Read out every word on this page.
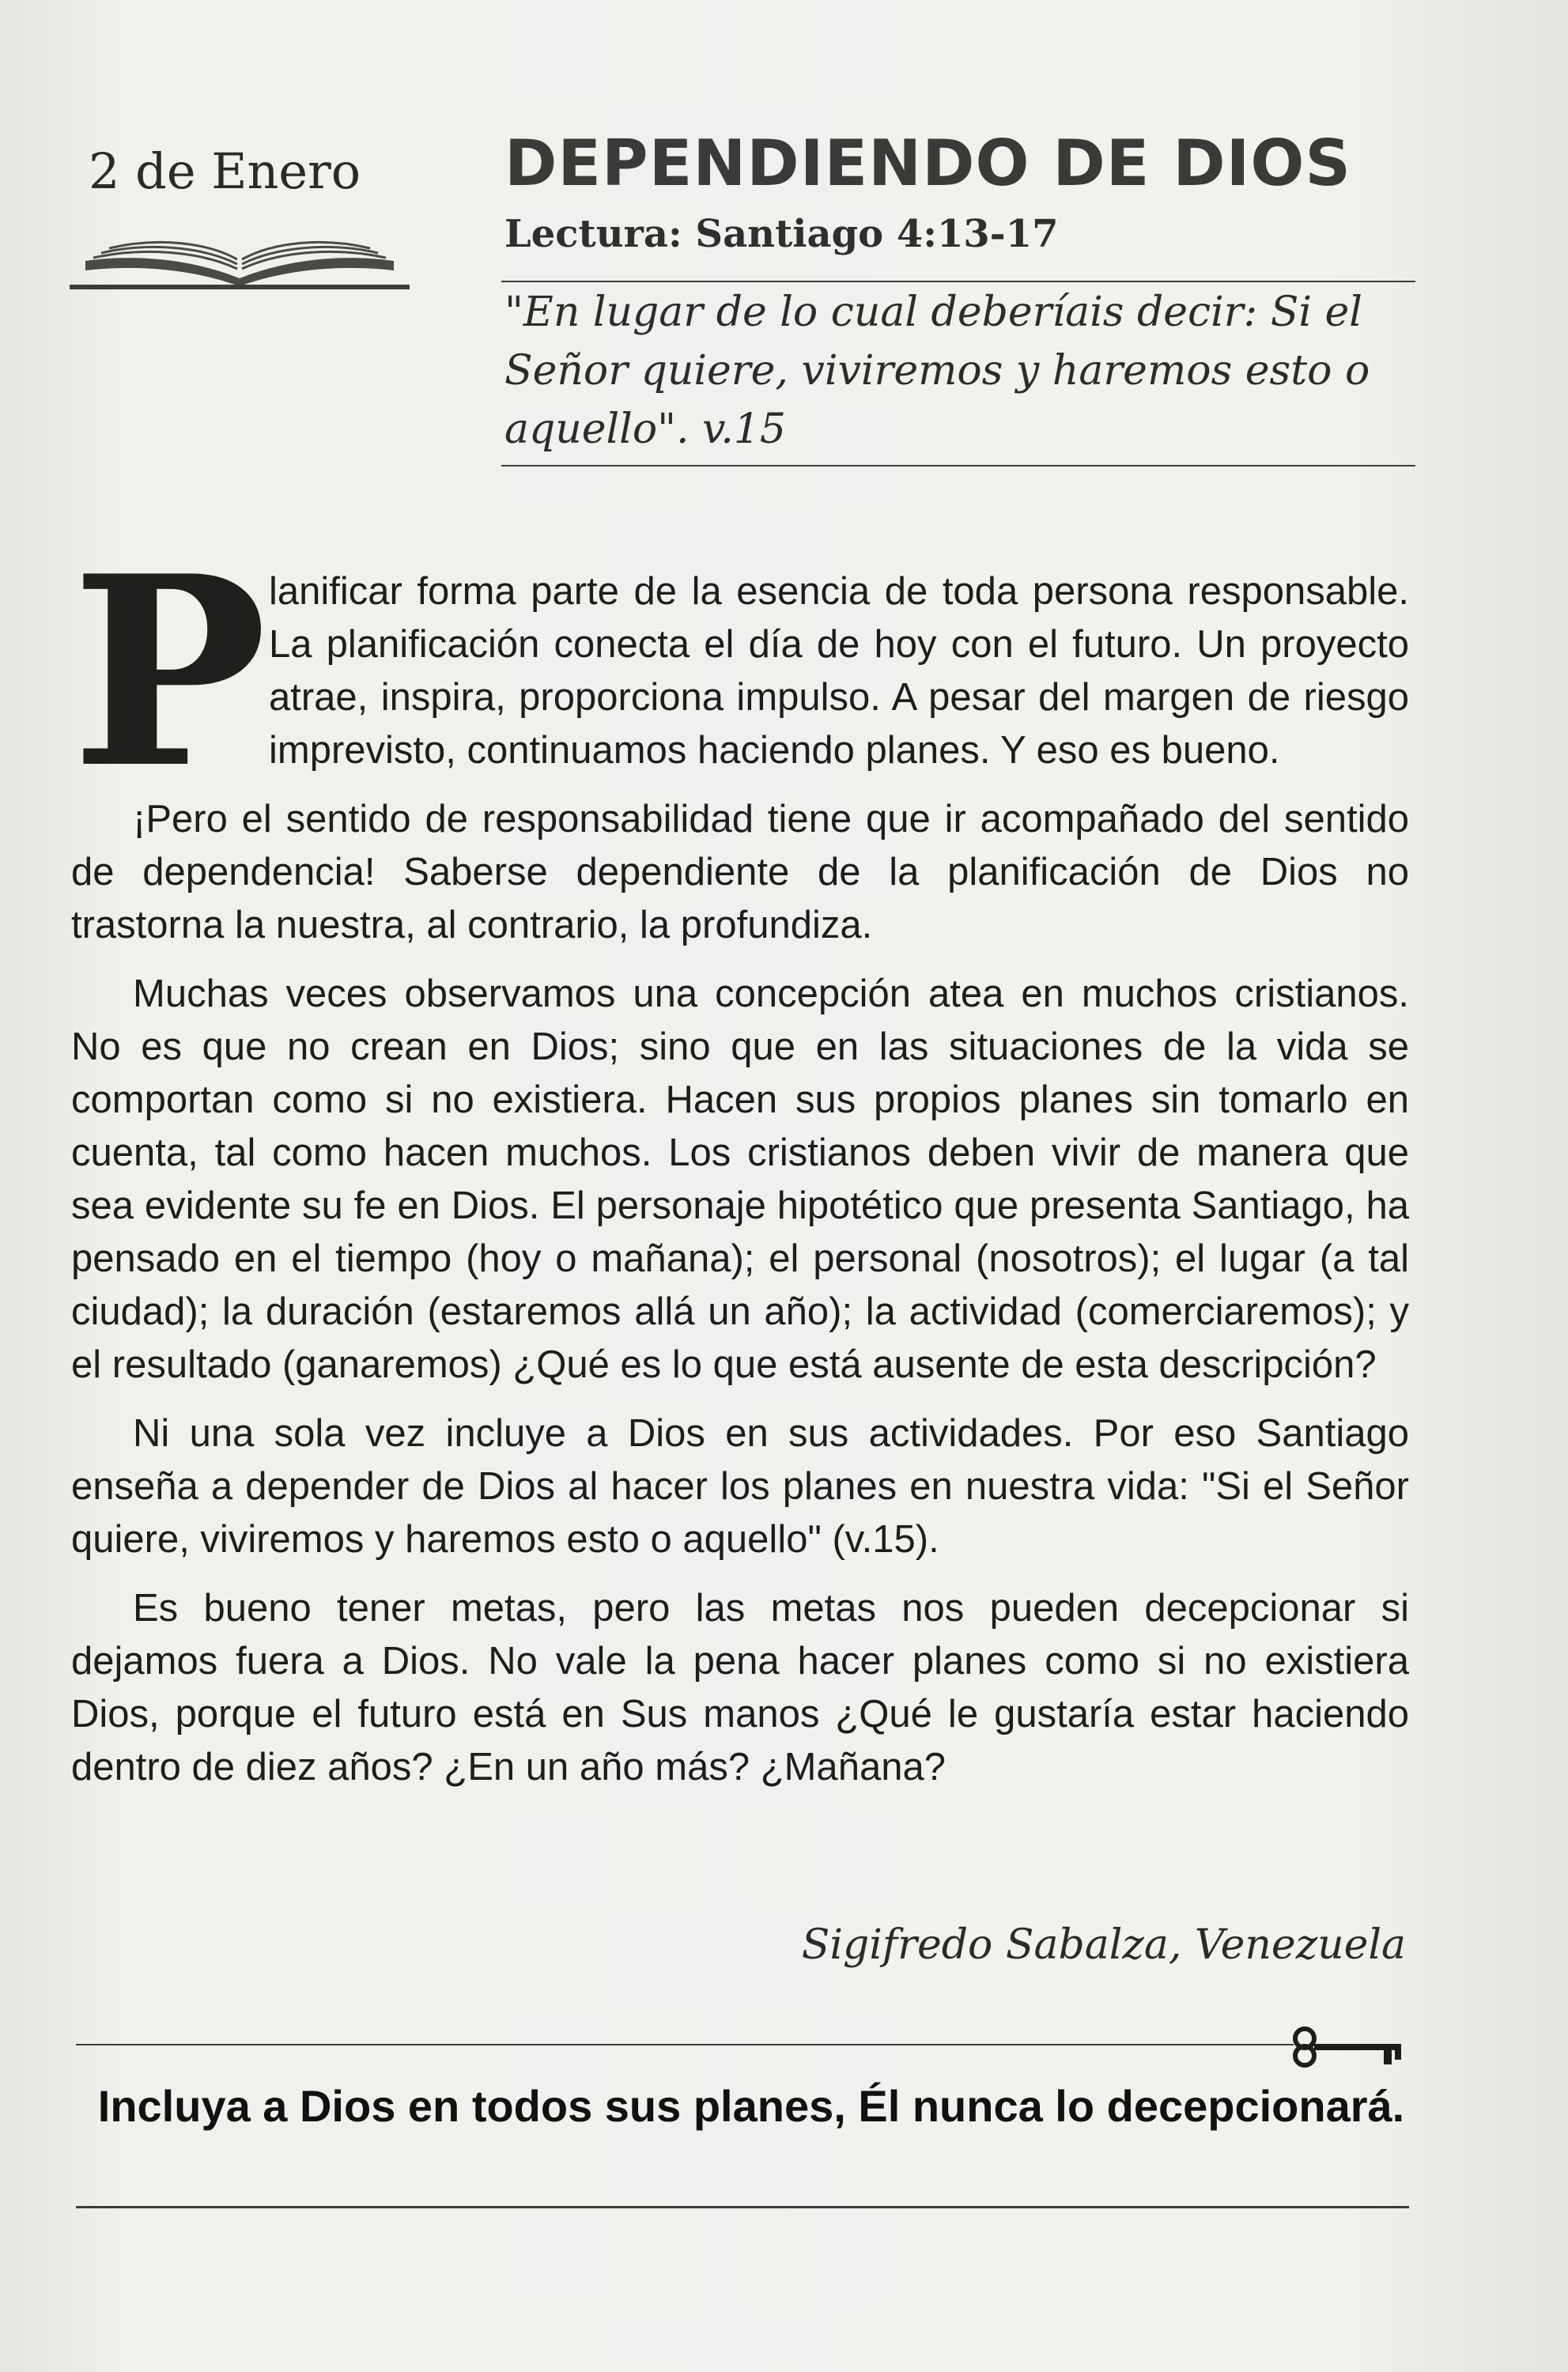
2 de Enero DEPENDIENDO DE DIOS
Lectura: Santiago 4:13-17
"En lugar de lo cual deberíais decir: Si el Señor quiere, viviremos y haremos esto o aquello". v.15
P lanificar forma parte de la esencia de toda persona responsable. La planificación conecta el día de hoy con el futuro. Un proyecto atrae, inspira, proporciona impulso. A pesar del margen de riesgo imprevisto, continuamos haciendo planes. Y eso es bueno.

¡Pero el sentido de responsabilidad tiene que ir acompañado del sentido de dependencia! Saberse dependiente de la planificación de Dios no trastorna la nuestra, al contrario, la profundiza.

Muchas veces observamos una concepción atea en muchos cristianos. No es que no crean en Dios; sino que en las situaciones de la vida se comportan como si no existiera. Hacen sus propios planes sin tomarlo en cuenta, tal como hacen muchos. Los cristianos deben vivir de manera que sea evidente su fe en Dios. El personaje hipotético que presenta Santiago, ha pensado en el tiempo (hoy o mañana); el personal (nosotros); el lugar (a tal ciudad); la duración (estaremos allá un año); la actividad (comerciaremos); y el resultado (ganaremos) ¿Qué es lo que está ausente de esta descripción?

Ni una sola vez incluye a Dios en sus actividades. Por eso Santiago enseña a depender de Dios al hacer los planes en nuestra vida: "Si el Señor quiere, viviremos y haremos esto o aquello" (v.15).

Es bueno tener metas, pero las metas nos pueden decepcionar si dejamos fuera a Dios. No vale la pena hacer planes como si no existiera Dios, porque el futuro está en Sus manos ¿Qué le gustaría estar haciendo dentro de diez años? ¿En un año más? ¿Mañana?

Sigifredo Sabalza, Venezuela
Incluya a Dios en todos sus planes, Él nunca lo decepcionará.
